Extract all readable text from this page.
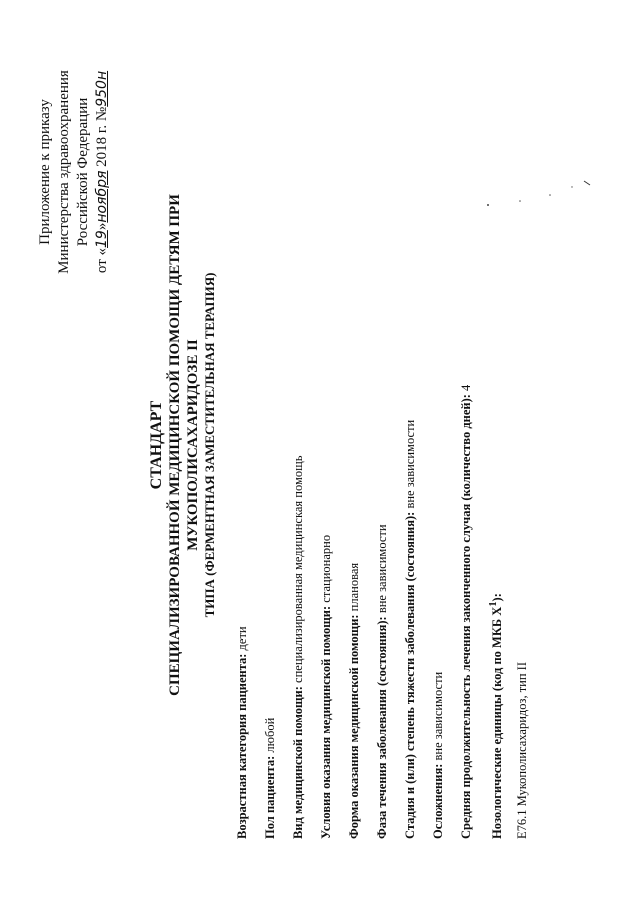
Приложение к приказу Министерства здравоохранения Российской Федерации
от «19»ноября 2018 г. №950н
СТАНДАРТ СПЕЦИАЛИЗИРОВАННОЙ МЕДИЦИНСКОЙ ПОМОЩИ ДЕТЯМ ПРИ МУКОПОЛИСАХАРИДОЗЕ II ТИПА (ФЕРМЕНТНАЯ ЗАМЕСТИТЕЛЬНАЯ ТЕРАПИЯ)
Возрастная категория пациента: дети
Пол пациента: любой	Вид медицинской помощи: специализированная медицинская помощь
Условия оказания медицинской помощи: стационарно
Форма оказания медицинской помощи: плановая
Фаза течения заболевания (состояния): вне зависимости	Стадия и (или) степень тяжести заболевания (состояния): вне зависимости
Осложнения: вне зависимости	Средняя продолжительность лечения законченного случая (количество дней): 4
Нозологические единицы (код по МКБ $X^1$):
E76.1 Мукополисахаридоз, тип II
